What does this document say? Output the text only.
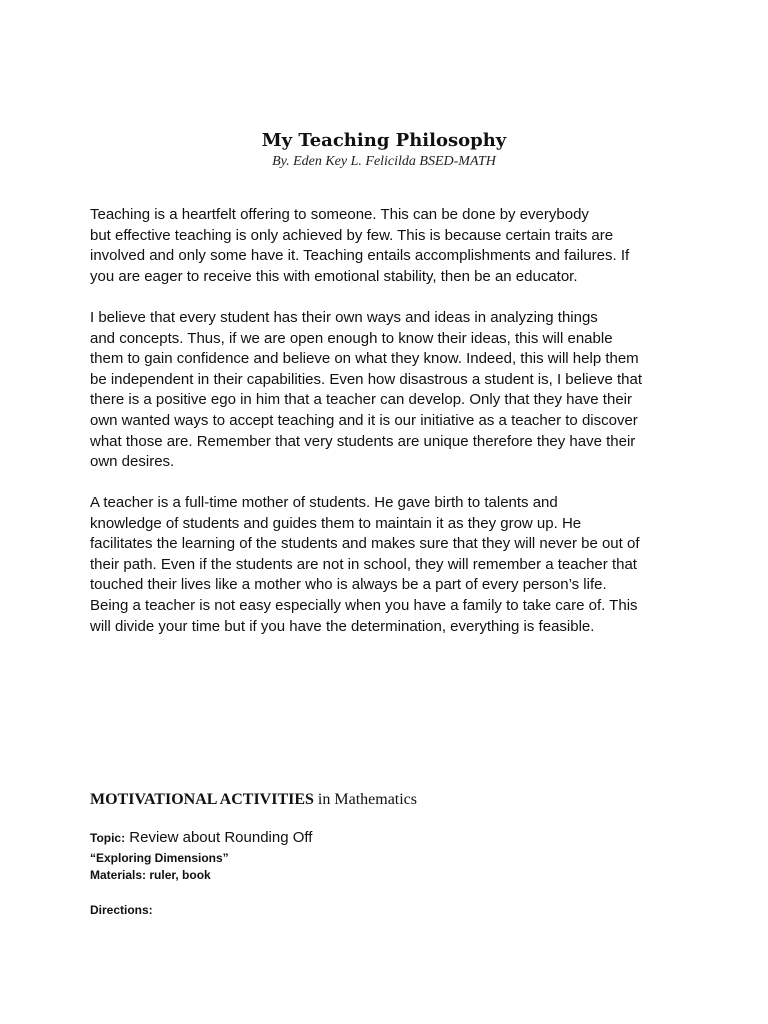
My Teaching Philosophy
By. Eden Key L. Felicilda BSED-MATH

Teaching is a heartfelt offering to someone. This can be done by everybody
but effective teaching is only achieved by few. This is because certain traits are
involved and only some have it. Teaching entails accomplishments and failures. If
you are eager to receive this with emotional stability, then be an educator.

I believe that every student has their own ways and ideas in analyzing things
and concepts. Thus, if we are open enough to know their ideas, this will enable
them to gain confidence and believe on what they know. Indeed, this will help them
be independent in their capabilities. Even how disastrous a student is, I believe that
there is a positive ego in him that a teacher can develop. Only that they have their
own wanted ways to accept teaching and it is our initiative as a teacher to discover
what those are. Remember that very students are unique therefore they have their
own desires.

A teacher is a full-time mother of students. He gave birth to talents and
knowledge of students and guides them to maintain it as they grow up. He
facilitates the learning of the students and makes sure that they will never be out of
their path. Even if the students are not in school, they will remember a teacher that
touched their lives like a mother who is always be a part of every person’s life.
Being a teacher is not easy especially when you have a family to take care of. This
will divide your time but if you have the determination, everything is feasible.

MOTIVATIONAL ACTIVITIES in Mathematics
Topic: Review about Rounding Off
“Exploring Dimensions”
Materials: ruler, book
Directions:
